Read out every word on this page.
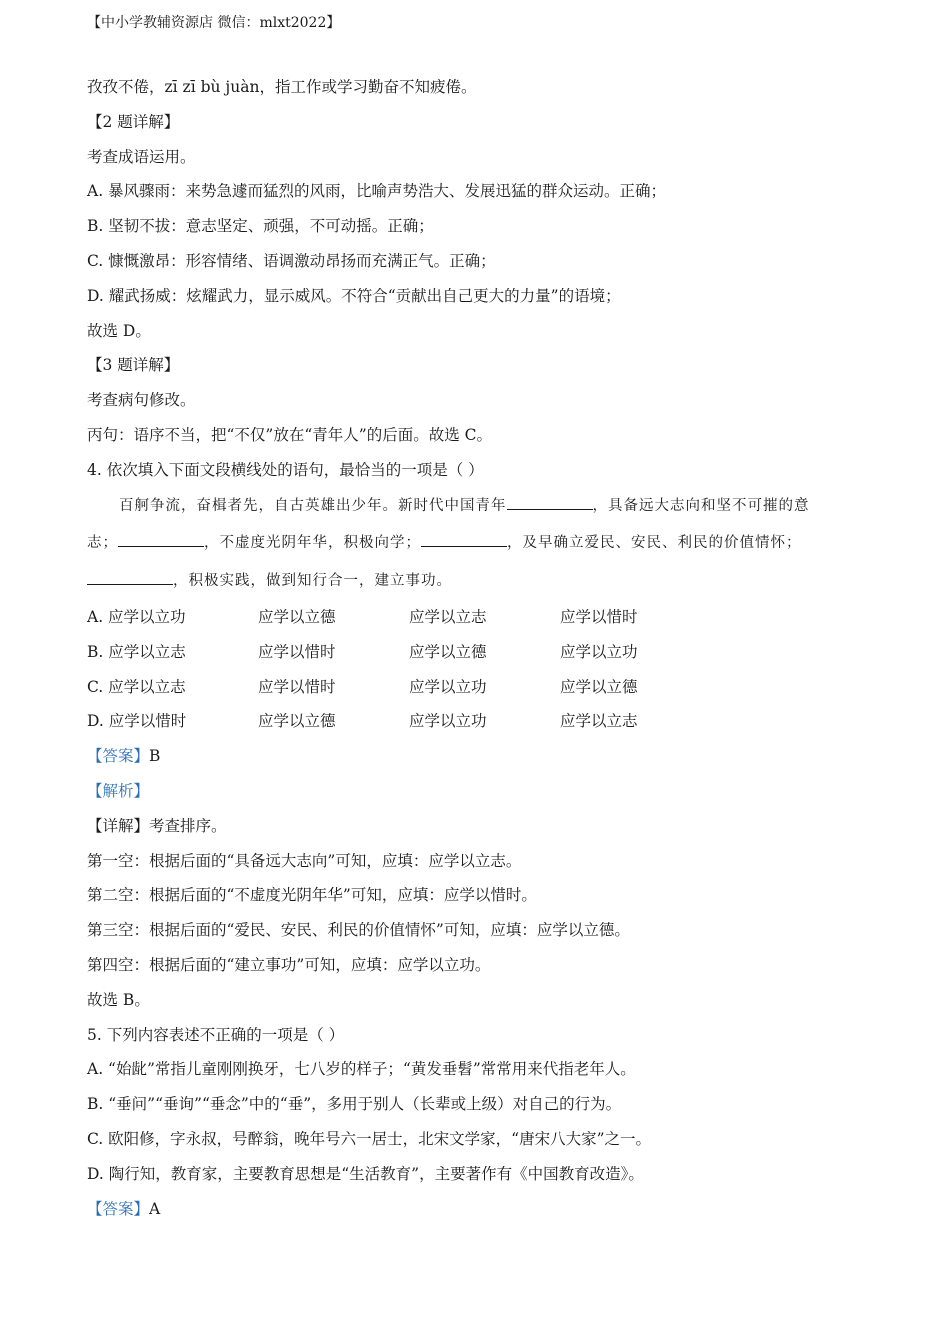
【中小学教辅资源店 微信：mlxt2022】
孜孜不倦，zī zī bù juàn，指工作或学习勤奋不知疲倦。
【2 题详解】
考查成语运用。
A. 暴风骤雨：来势急遽而猛烈的风雨，比喻声势浩大、发展迅猛的群众运动。正确；
B. 坚韧不拔：意志坚定、顽强，不可动摇。正确；
C. 慷慨激昂：形容情绪、语调激动昂扬而充满正气。正确；
D. 耀武扬威：炫耀武力，显示威风。不符合“贡献出自己更大的力量”的语境；
故选 D。
【3 题详解】
考查病句修改。
丙句：语序不当，把“不仅”放在“青年人”的后面。故选 C。
4. 依次填入下面文段横线处的语句，最恰当的一项是（ ）
百舸争流，奋楫者先，自古英雄出少年。新时代中国青年	，具备远大志向和坚不可摧的意
志；	，不虚度光阴年华，积极向学；	，及早确立爱民、安民、利民的价值情怀；
，积极实践，做到知行合一，建立事功。
A. 应学以立功	应学以立德	应学以立志	应学以惜时
B. 应学以立志	应学以惜时	应学以立德	应学以立功
C. 应学以立志	应学以惜时	应学以立功	应学以立德
D. 应学以惜时	应学以立德	应学以立功	应学以立志
【答案】B
【解析】
【详解】考查排序。
第一空：根据后面的“具备远大志向”可知，应填：应学以立志。
第二空：根据后面的“不虚度光阴年华”可知，应填：应学以惜时。
第三空：根据后面的“爱民、安民、利民的价值情怀”可知，应填：应学以立德。
第四空：根据后面的“建立事功”可知，应填：应学以立功。
故选 B。
5. 下列内容表述不正确的一项是（ ）
A. “始龀”常指儿童刚刚换牙，七八岁的样子；“黄发垂髫”常常用来代指老年人。
B. “垂问”“垂询”“垂念”中的“垂”，多用于别人（长辈或上级）对自己的行为。
C. 欧阳修，字永叔，号醉翁，晚年号六一居士，北宋文学家，“唐宋八大家”之一。
D. 陶行知，教育家，主要教育思想是“生活教育”，主要著作有《中国教育改造》。
【答案】A
